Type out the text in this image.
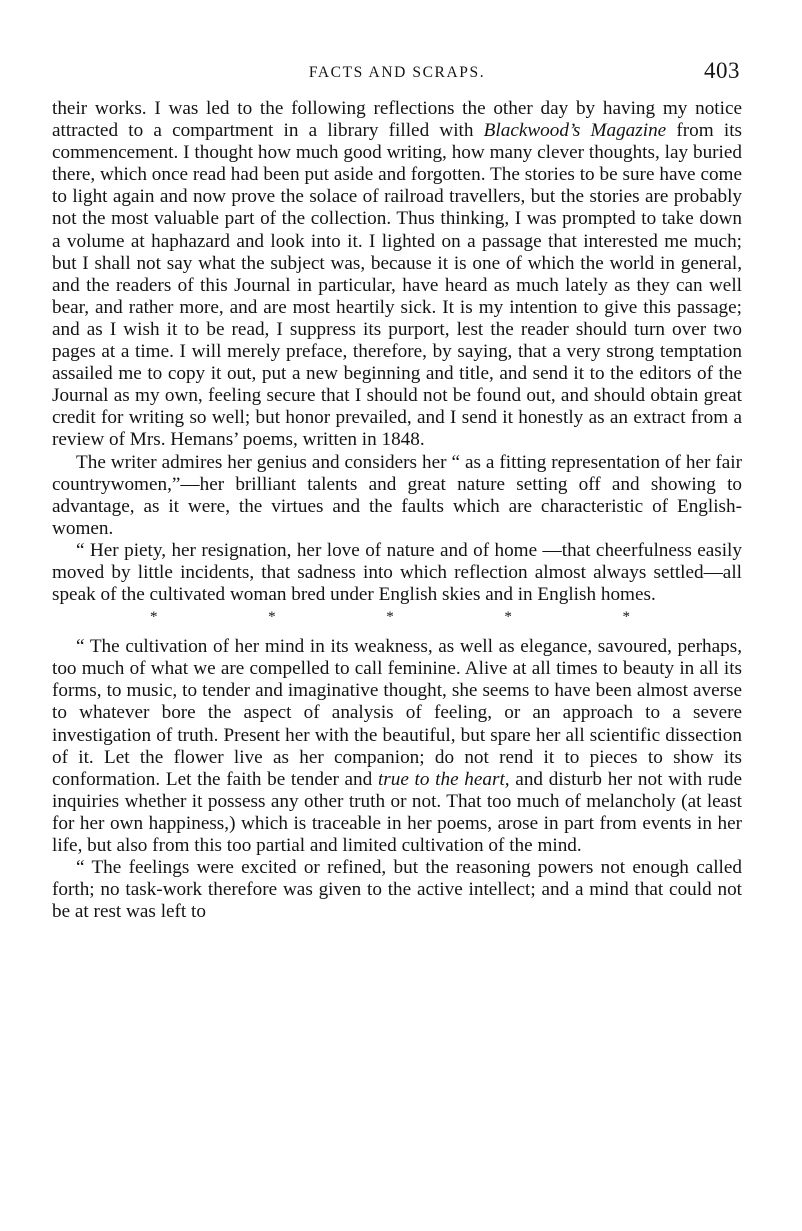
FACTS AND SCRAPS.	403

their works. I was led to the following reflections the other day by having my notice attracted to a compartment in a library filled with Blackwood’s Magazine from its commencement. I thought how much good writing, how many clever thoughts, lay buried there, which once read had been put aside and forgotten. The stories to be sure have come to light again and now prove the solace of railroad travellers, but the stories are probably not the most valuable part of the collection. Thus thinking, I was prompted to take down a volume at haphazard and look into it. I lighted on a passage that interested me much; but I shall not say what the subject was, because it is one of which the world in general, and the readers of this Journal in particular, have heard as much lately as they can well bear, and rather more, and are most heartily sick. It is my intention to give this passage; and as I wish it to be read, I suppress its purport, lest the reader should turn over two pages at a time. I will merely preface, therefore, by saying, that a very strong temptation assailed me to copy it out, put a new beginning and title, and send it to the editors of the Journal as my own, feeling secure that I should not be found out, and should obtain great credit for writing so well; but honor prevailed, and I send it honestly as an extract from a review of Mrs. Hemans’ poems, written in 1848.

The writer admires her genius and considers her “ as a fitting representation of her fair countrywomen,”—her brilliant talents and great nature setting off and showing to advantage, as it were, the virtues and the faults which are characteristic of Englishwomen.

“ Her piety, her resignation, her love of nature and of home —that cheerfulness easily moved by little incidents, that sadness into which reflection almost always settled—all speak of the cultivated woman bred under English skies and in English homes.

*	*	*	*	*

“ The cultivation of her mind in its weakness, as well as elegance, savoured, perhaps, too much of what we are compelled to call feminine. Alive at all times to beauty in all its forms, to music, to tender and imaginative thought, she seems to have been almost averse to whatever bore the aspect of analysis of feeling, or an approach to a severe investigation of truth. Present her with the beautiful, but spare her all scientific dissection of it. Let the flower live as her companion; do not rend it to pieces to show its conformation. Let the faith be tender and true to the heart, and disturb her not with rude inquiries whether it possess any other truth or not. That too much of melancholy (at least for her own happiness,) which is traceable in her poems, arose in part from events in her life, but also from this too partial and limited cultivation of the mind.

“ The feelings were excited or refined, but the reasoning powers not enough called forth; no task-work therefore was given to the active intellect; and a mind that could not be at rest was left to
